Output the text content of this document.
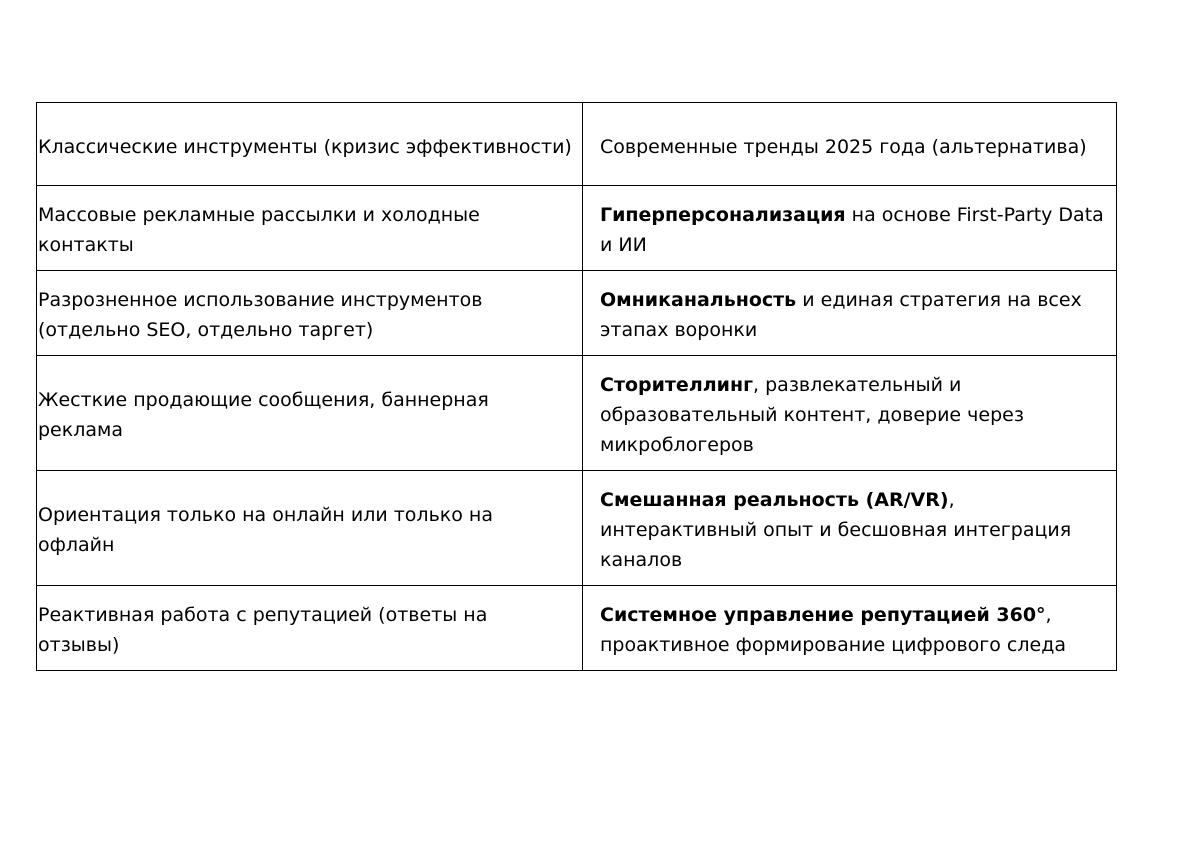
Классические инструменты (кризис эффективности)	Современные тренды 2025 года (альтернатива)
Массовые рекламные рассылки и холодные контакты	Гиперперсонализация на основе First-Party Data и ИИ
Разрозненное использование инструментов (отдельно SEO, отдельно таргет)	Омниканальность и единая стратегия на всех этапах воронки
Жесткие продающие сообщения, баннерная реклама	Сторителлинг, развлекательный и образовательный контент, доверие через микроблогеров
Ориентация только на онлайн или только на офлайн	Смешанная реальность (AR/VR), интерактивный опыт и бесшовная интеграция каналов
Реактивная работа с репутацией (ответы на отзывы)	Системное управление репутацией 360°, проактивное формирование цифрового следа
